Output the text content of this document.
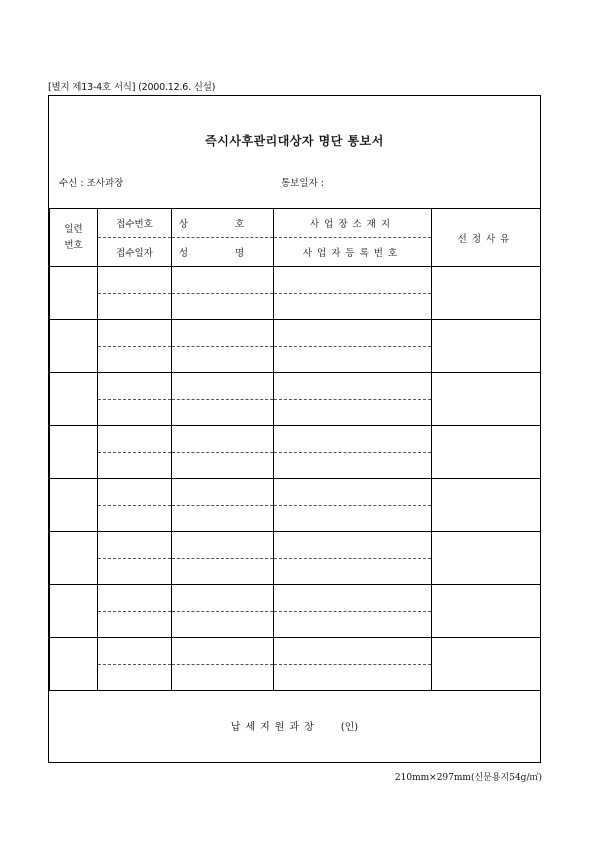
[별지 제13-4호 서식] (2000.12.6. 신설)
즉시사후관리대상자 명단 통보서
수신 : 조사과장	통보일자 :
일련
번호	접수번호	상 호	사업장소재지	선정사유
	접수일자	성 명	사업자등록번호	

납세지원과장 (인)
210mm×297mm(신문용지54g/㎡)
